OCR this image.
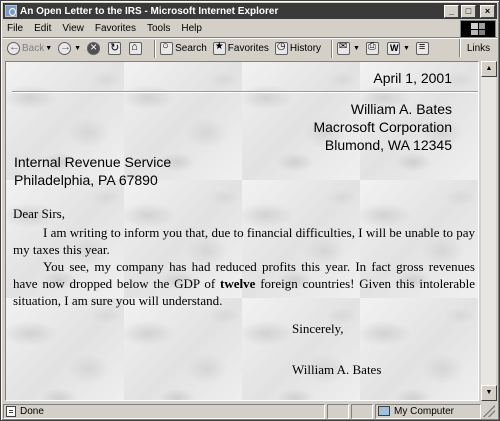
An Open Letter to the IRS - Microsoft Internet Explorer	_	□	×
File Edit View Favorites Tools Help
←
Back ▼ →	▼ × ↻ ⌂ ○	Search ★ Favorites ◷ History ✉	▼ ⎙ W	▼ ≡	Links
April 1, 2001
William A. Bates
Macrosoft Corporation
Blumond, WA 12345
Internal Revenue Service
Philadelphia, PA 67890
Dear Sirs,

I am writing to inform you that, due to financial difficulties, I will be unable to pay my taxes this year.

You see, my company has had reduced profits this year. In fact gross revenues have now dropped below the GDP of twelve foreign countries! Given this intolerable situation, I am sure you will understand.

Sincerely,
William A. Bates
▲
▼
Done	My Computer
